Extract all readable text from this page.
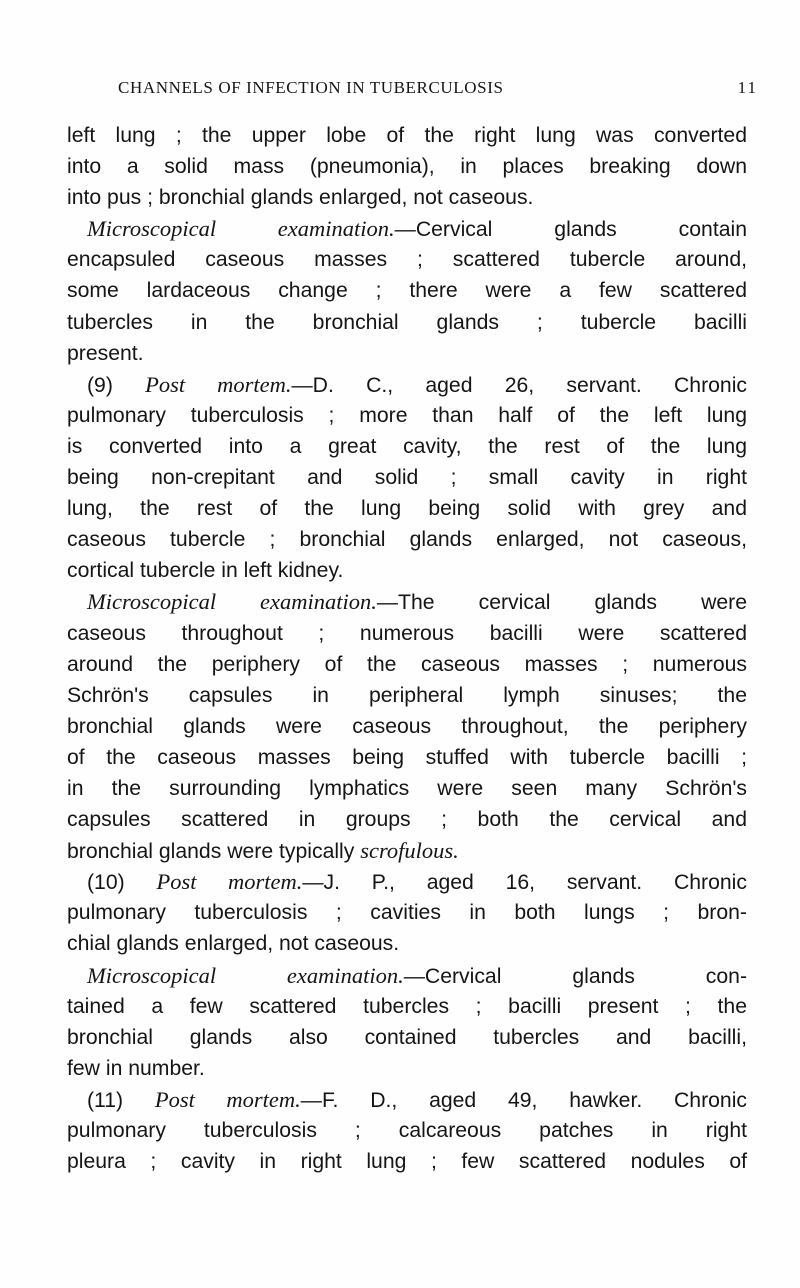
CHANNELS OF INFECTION IN TUBERCULOSIS	11
left lung ; the upper lobe of the right lung was converted
into a solid mass (pneumonia), in places breaking down
into pus ; bronchial glands enlarged, not caseous.
Microscopical examination.—Cervical glands contain
encapsuled caseous masses ; scattered tubercle around,
some lardaceous change ; there were a few scattered
tubercles in the bronchial glands ; tubercle bacilli
present.
(9) Post mortem.—D. C., aged 26, servant. Chronic
pulmonary tuberculosis ; more than half of the left lung
is converted into a great cavity, the rest of the lung
being non-crepitant and solid ; small cavity in right
lung, the rest of the lung being solid with grey and
caseous tubercle ; bronchial glands enlarged, not caseous,
cortical tubercle in left kidney.
Microscopical examination.—The cervical glands were
caseous throughout ; numerous bacilli were scattered
around the periphery of the caseous masses ; numerous
Schrön's capsules in peripheral lymph sinuses; the
bronchial glands were caseous throughout, the periphery
of the caseous masses being stuffed with tubercle bacilli ;
in the surrounding lymphatics were seen many Schrön's
capsules scattered in groups ; both the cervical and
bronchial glands were typically scrofulous.
(10) Post mortem.—J. P., aged 16, servant. Chronic
pulmonary tuberculosis ; cavities in both lungs ; bron-
chial glands enlarged, not caseous.
Microscopical examination.—Cervical glands con-
tained a few scattered tubercles ; bacilli present ; the
bronchial glands also contained tubercles and bacilli,
few in number.
(11) Post mortem.—F. D., aged 49, hawker. Chronic
pulmonary tuberculosis ; calcareous patches in right
pleura ; cavity in right lung ; few scattered nodules of
